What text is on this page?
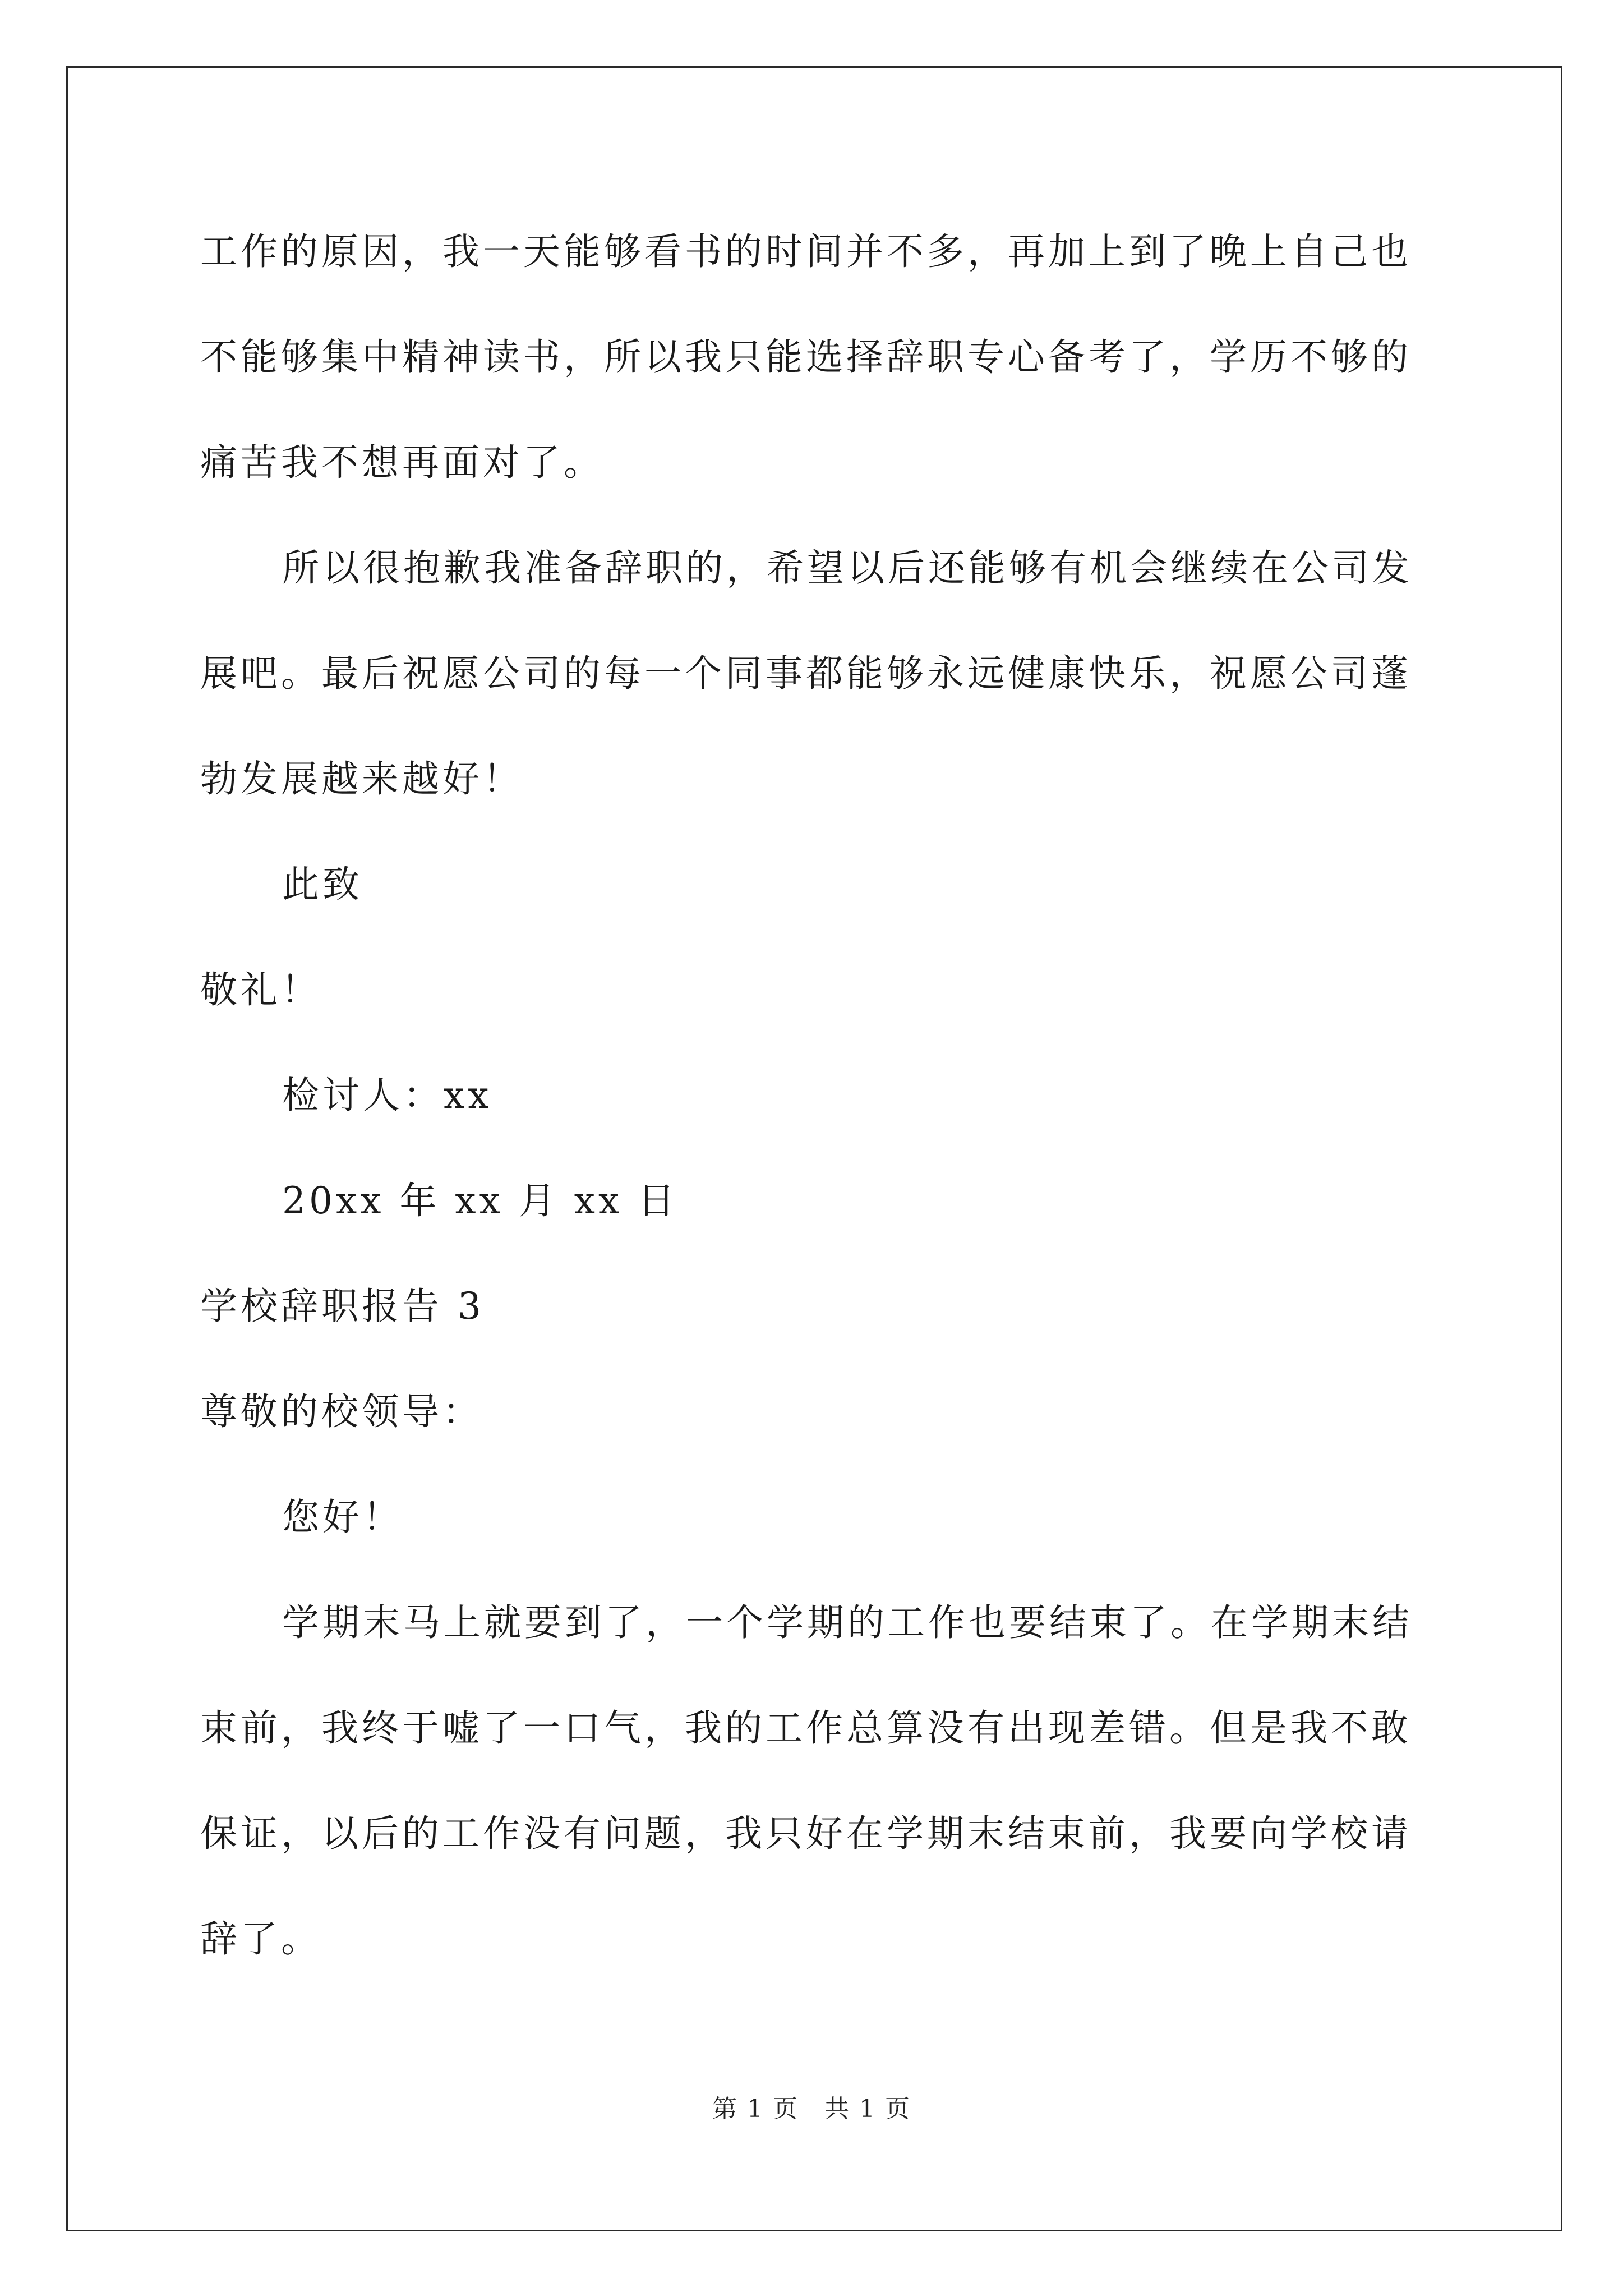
工作的原因，我一天能够看书的时间并不多，再加上到了晚上自己也
不能够集中精神读书，所以我只能选择辞职专心备考了，学历不够的
痛苦我不想再面对了。
所以很抱歉我准备辞职的，希望以后还能够有机会继续在公司发
展吧。最后祝愿公司的每一个同事都能够永远健康快乐，祝愿公司蓬
勃发展越来越好！
此致
敬礼！
检讨人：xx
20xx 年 xx 月 xx 日
学校辞职报告 3
尊敬的校领导：
您好！
学期末马上就要到了，一个学期的工作也要结束了。在学期末结
束前，我终于嘘了一口气，我的工作总算没有出现差错。但是我不敢
保证，以后的工作没有问题，我只好在学期末结束前，我要向学校请
辞了。
第 1 页　共 1 页
